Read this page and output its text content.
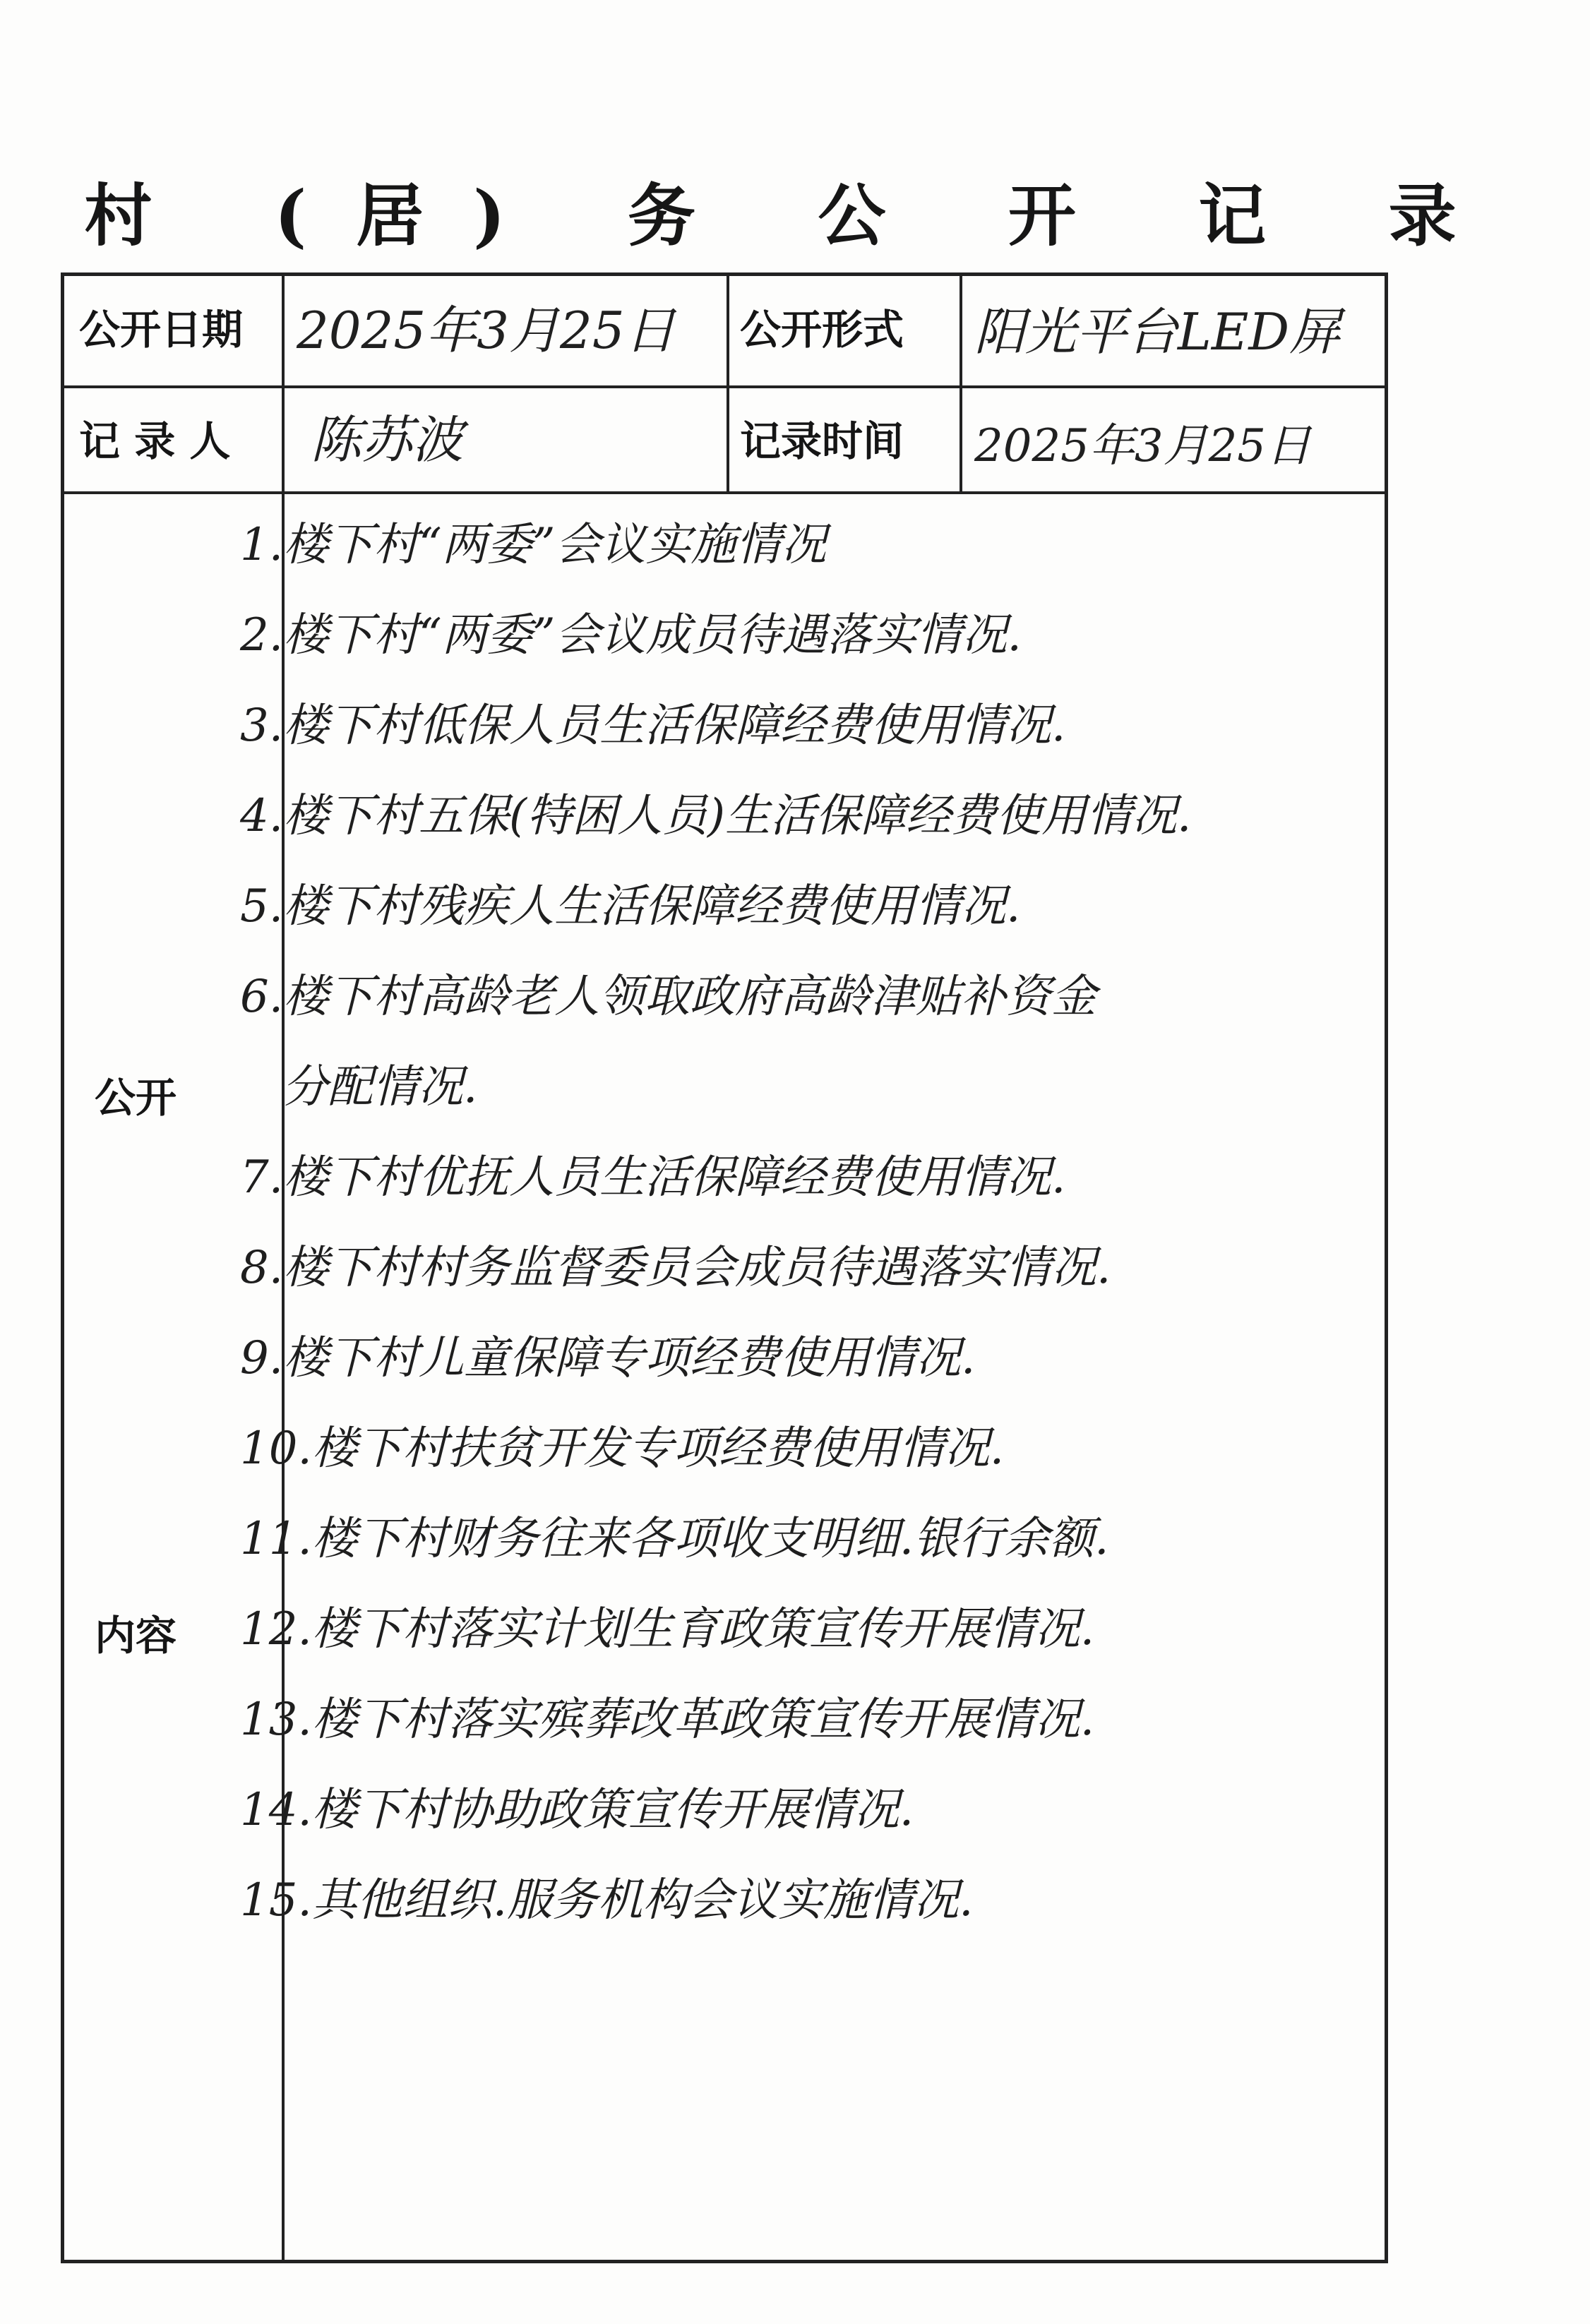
村 (居) 务 公 开 记 录
公开日期 2025年3月25日 公开形式 阳光平台LED屏
记 录 人 陈苏波	记录时间 2025年3月25日
公开
内容
1.楼下村“两委”会议实施情况
2.楼下村“两委”会议成员待遇落实情况.
3.楼下村低保人员生活保障经费使用情况.
4.楼下村五保(特困人员)生活保障经费使用情况.
5.楼下村残疾人生活保障经费使用情况.
6.楼下村高龄老人领取政府高龄津贴补资金
分配情况.
7.楼下村优抚人员生活保障经费使用情况.
8.楼下村村务监督委员会成员待遇落实情况.
9.楼下村儿童保障专项经费使用情况.
10.楼下村扶贫开发专项经费使用情况.
11.楼下村财务往来各项收支明细.银行余额.
12.楼下村落实计划生育政策宣传开展情况.
13.楼下村落实殡葬改革政策宣传开展情况.
14.楼下村协助政策宣传开展情况.
15.其他组织.服务机构会议实施情况.
